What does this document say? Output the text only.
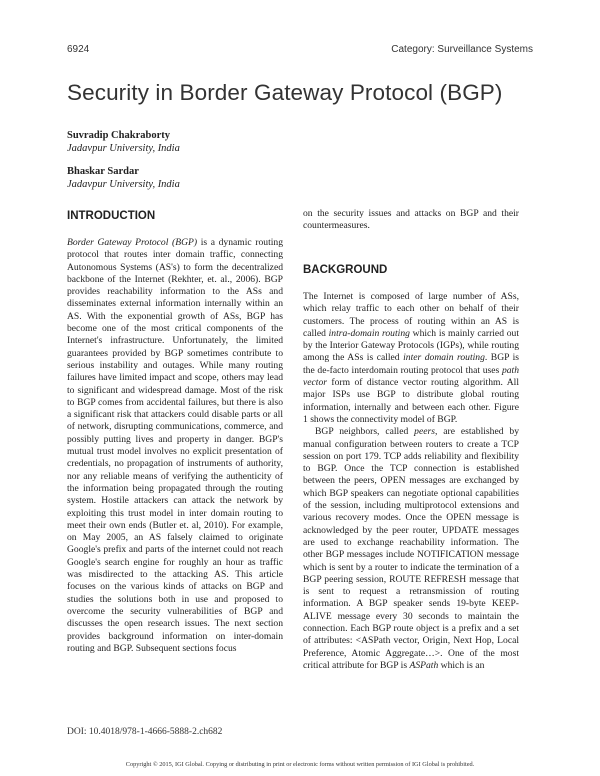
6924	Category: Surveillance Systems
Security in Border Gateway Protocol (BGP)
Suvradip Chakraborty
Jadavpur University, India
Bhaskar Sardar
Jadavpur University, India
INTRODUCTION

Border Gateway Protocol (BGP) is a dynamic routing protocol that routes inter domain traffic, connecting Autonomous Systems (AS's) to form the decentralized backbone of the Internet (Rekhter, et. al., 2006). BGP provides reachability information to the ASs and disseminates external information internally within an AS. With the exponential growth of ASs, BGP has become one of the most critical components of the Internet's infrastructure. Unfortunately, the limited guarantees provided by BGP sometimes contribute to serious instability and outages. While many routing failures have limited impact and scope, others may lead to significant and widespread damage. Most of the risk to BGP comes from accidental failures, but there is also a significant risk that attackers could disable parts or all of network, disrupting communications, commerce, and possibly putting lives and property in danger. BGP's mutual trust model involves no explicit presentation of credentials, no propagation of instruments of authority, nor any reliable means of verifying the authenticity of the information being propagated through the routing system. Hostile attackers can attack the network by exploiting this trust model in inter domain routing to meet their own ends (Butler et. al, 2010). For example, on May 2005, an AS falsely claimed to originate Google's prefix and parts of the internet could not reach Google's search engine for roughly an hour as traffic was misdirected to the attacking AS. This article focuses on the various kinds of attacks on BGP and studies the solutions both in use and proposed to overcome the security vulnerabilities of BGP and discusses the open research issues. The next section provides background information on inter-domain routing and BGP. Subsequent sections focus

on the security issues and attacks on BGP and their countermeasures.

BACKGROUND

The Internet is composed of large number of ASs, which relay traffic to each other on behalf of their customers. The process of routing within an AS is called intra-domain routing which is mainly carried out by the Interior Gateway Protocols (IGPs), while routing among the ASs is called inter domain routing. BGP is the de-facto interdomain routing protocol that uses path vector form of distance vector routing algorithm. All major ISPs use BGP to distribute global routing information, internally and between each other. Figure 1 shows the connectivity model of BGP.

BGP neighbors, called peers, are established by manual configuration between routers to create a TCP session on port 179. TCP adds reliability and flexibility to BGP. Once the TCP connection is established between the peers, OPEN messages are exchanged by which BGP speakers can negotiate optional capabilities of the session, including multiprotocol extensions and various recovery modes. Once the OPEN message is acknowledged by the peer router, UPDATE messages are used to exchange reachability information. The other BGP messages include NOTIFICATION message which is sent by a router to indicate the termination of a BGP peering session, ROUTE REFRESH message that is sent to request a retransmission of routing information. A BGP speaker sends 19-byte KEEP-ALIVE message every 30 seconds to maintain the connection. Each BGP route object is a prefix and a set of attributes: <ASPath vector, Origin, Next Hop, Local Preference, Atomic Aggregate…>. One of the most critical attribute for BGP is ASPath which is an

DOI: 10.4018/978-1-4666-5888-2.ch682
Copyright © 2015, IGI Global. Copying or distributing in print or electronic forms without written permission of IGI Global is prohibited.
